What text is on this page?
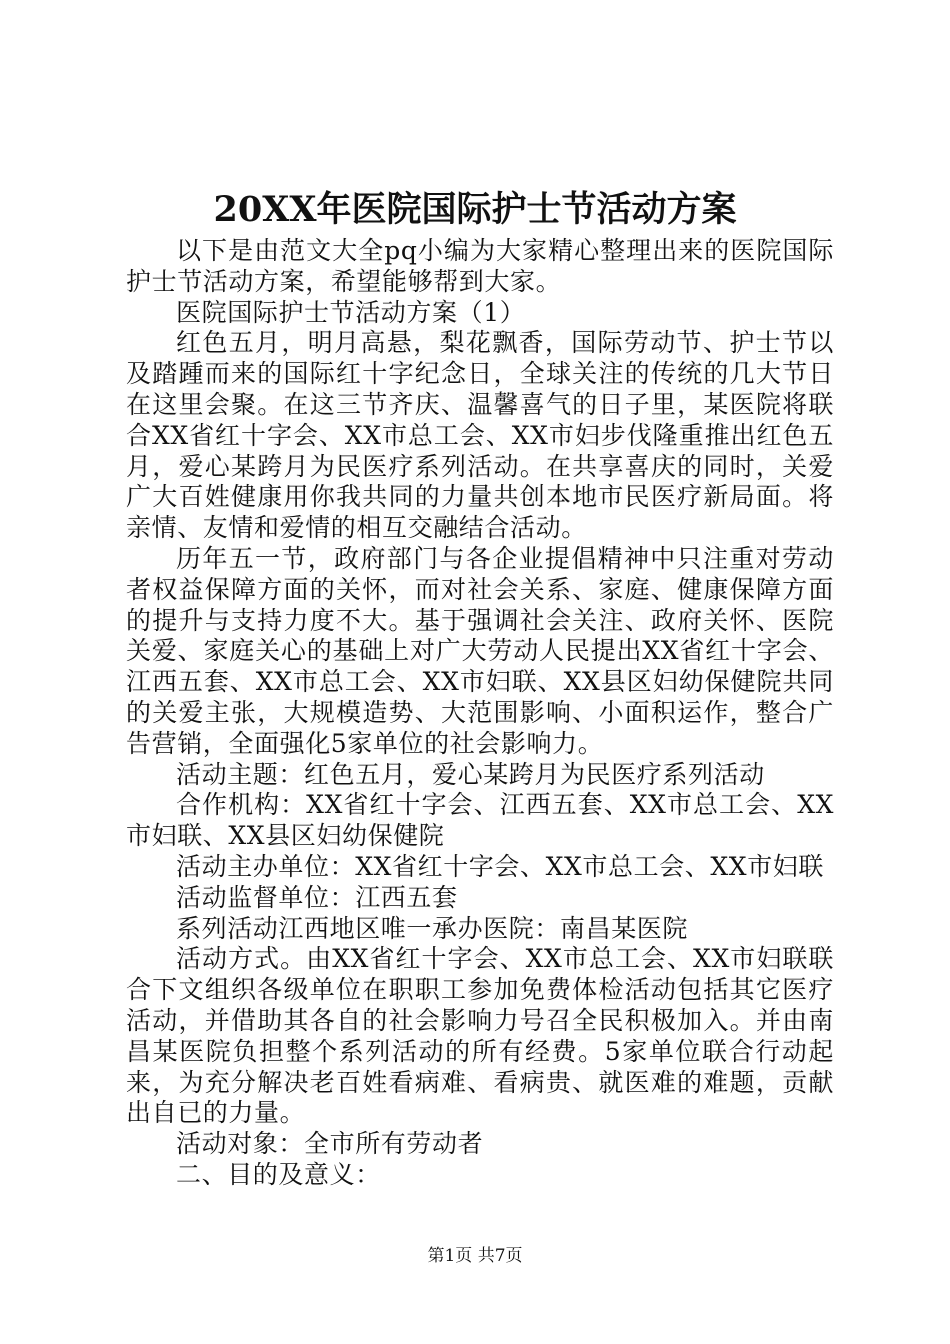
20XX年医院国际护士节活动方案

以下是由范文大全pq小编为大家精心整理出来的医院国际护士节活动方案，希望能够帮到大家。

医院国际护士节活动方案（1）

红色五月，明月高悬，梨花飘香，国际劳动节、护士节以及踏踵而来的国际红十字纪念日，全球关注的传统的几大节日在这里会聚。在这三节齐庆、温馨喜气的日子里，某医院将联合XX省红十字会、XX市总工会、XX市妇步伐隆重推出红色五月，爱心某跨月为民医疗系列活动。在共享喜庆的同时，关爱广大百姓健康用你我共同的力量共创本地市民医疗新局面。将亲情、友情和爱情的相互交融结合活动。

历年五一节，政府部门与各企业提倡精神中只注重对劳动者权益保障方面的关怀，而对社会关系、家庭、健康保障方面的提升与支持力度不大。基于强调社会关注、政府关怀、医院关爱、家庭关心的基础上对广大劳动人民提出XX省红十字会、江西五套、XX市总工会、XX市妇联、XX县区妇幼保健院共同的关爱主张，大规模造势、大范围影响、小面积运作，整合广告营销，全面强化5家单位的社会影响力。

活动主题：红色五月，爱心某跨月为民医疗系列活动

合作机构：XX省红十字会、江西五套、XX市总工会、XX市妇联、XX县区妇幼保健院

活动主办单位：XX省红十字会、XX市总工会、XX市妇联

活动监督单位：江西五套

系列活动江西地区唯一承办医院：南昌某医院

活动方式。由XX省红十字会、XX市总工会、XX市妇联联合下文组织各级单位在职职工参加免费体检活动包括其它医疗活动，并借助其各自的社会影响力号召全民积极加入。并由南昌某医院负担整个系列活动的所有经费。5家单位联合行动起来，为充分解决老百姓看病难、看病贵、就医难的难题，贡献出自已的力量。

活动对象：全市所有劳动者

二、目的及意义：

第1页 共7页
